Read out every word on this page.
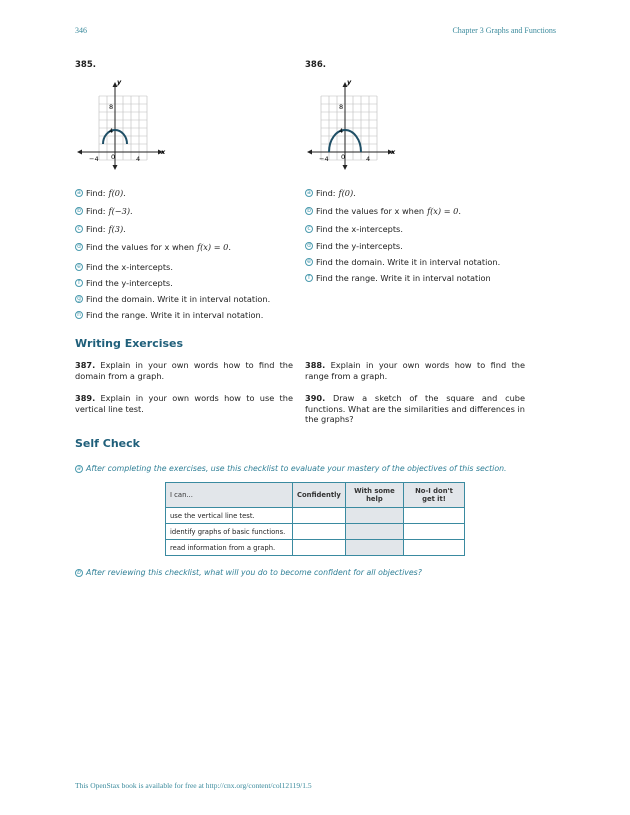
346	Chapter 3 Graphs and Functions
385.
y
x
8
4
−4 0	4
a Find: f(0).
b Find: f(−3).
c Find: f(3).
d Find the values for x when f(x) = 0.
e Find the x-intercepts.
f Find the y-intercepts.
g Find the domain. Write it in interval notation.
h Find the range. Write it in interval notation.
386.
y
x
8
4
−4 0	4
a Find: f(0).
b Find the values for x when f(x) = 0.
c Find the x-intercepts.
d Find the y-intercepts.
e Find the domain. Write it in interval notation.
f Find the range. Write it in interval notation
Writing Exercises
387. Explain in your own words how to find the domain from a graph.
388. Explain in your own words how to find the range from a graph.
389. Explain in your own words how to use the vertical line test.
390. Draw a sketch of the square and cube functions. What are the similarities and differences in the graphs?
Self Check
a After completing the exercises, use this checklist to evaluate your mastery of the objectives of this section.
I can...	Confidently	With some help	No-I don't get it!
use the vertical line test.			
identify graphs of basic functions.			
read information from a graph.			
b After reviewing this checklist, what will you do to become confident for all objectives?
This OpenStax book is available for free at http://cnx.org/content/col12119/1.5
